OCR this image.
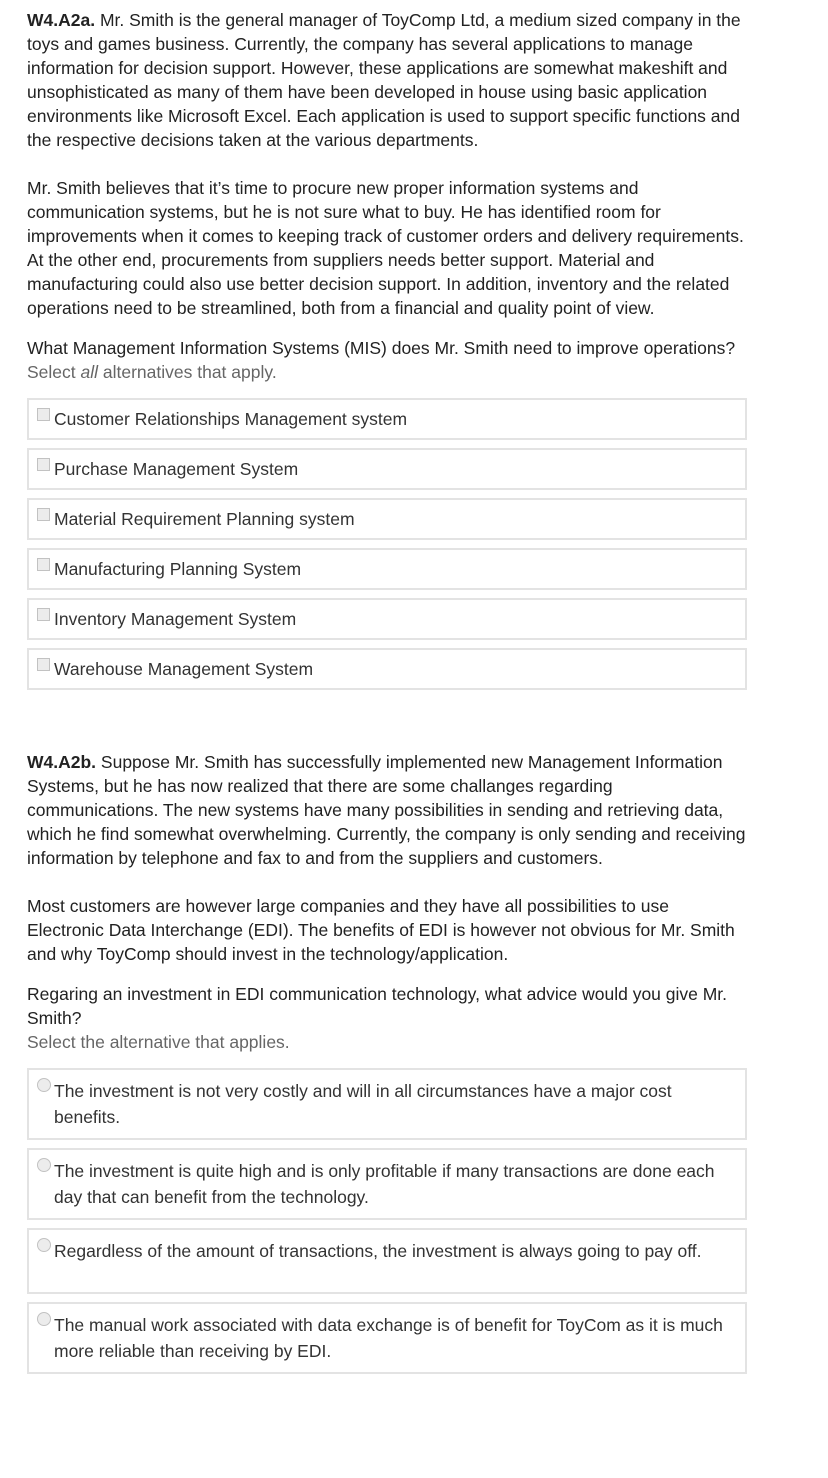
W4.A2a. Mr. Smith is the general manager of ToyComp Ltd, a medium sized company in the toys and games business. Currently, the company has several applications to manage information for decision support. However, these applications are somewhat makeshift and unsophisticated as many of them have been developed in house using basic application environments like Microsoft Excel. Each application is used to support specific functions and the respective decisions taken at the various departments.

Mr. Smith believes that it’s time to procure new proper information systems and communication systems, but he is not sure what to buy. He has identified room for improvements when it comes to keeping track of customer orders and delivery requirements. At the other end, procurements from suppliers needs better support. Material and manufacturing could also use better decision support. In addition, inventory and the related operations need to be streamlined, both from a financial and quality point of view.

What Management Information Systems (MIS) does Mr. Smith need to improve operations?

Select all alternatives that apply.

Customer Relationships Management system
Purchase Management System
Material Requirement Planning system
Manufacturing Planning System
Inventory Management System
Warehouse Management System

W4.A2b. Suppose Mr. Smith has successfully implemented new Management Information Systems, but he has now realized that there are some challanges regarding communications. The new systems have many possibilities in sending and retrieving data, which he find somewhat overwhelming. Currently, the company is only sending and receiving information by telephone and fax to and from the suppliers and customers.

Most customers are however large companies and they have all possibilities to use Electronic Data Interchange (EDI). The benefits of EDI is however not obvious for Mr. Smith and why ToyComp should invest in the technology/application.

Regaring an investment in EDI communication technology, what advice would you give Mr. Smith?

Select the alternative that applies.

The investment is not very costly and will in all circumstances have a major cost benefits.
The investment is quite high and is only profitable if many transactions are done each day that can benefit from the technology.
Regardless of the amount of transactions, the investment is always going to pay off.
The manual work associated with data exchange is of benefit for ToyCom as it is much more reliable than receiving by EDI.
